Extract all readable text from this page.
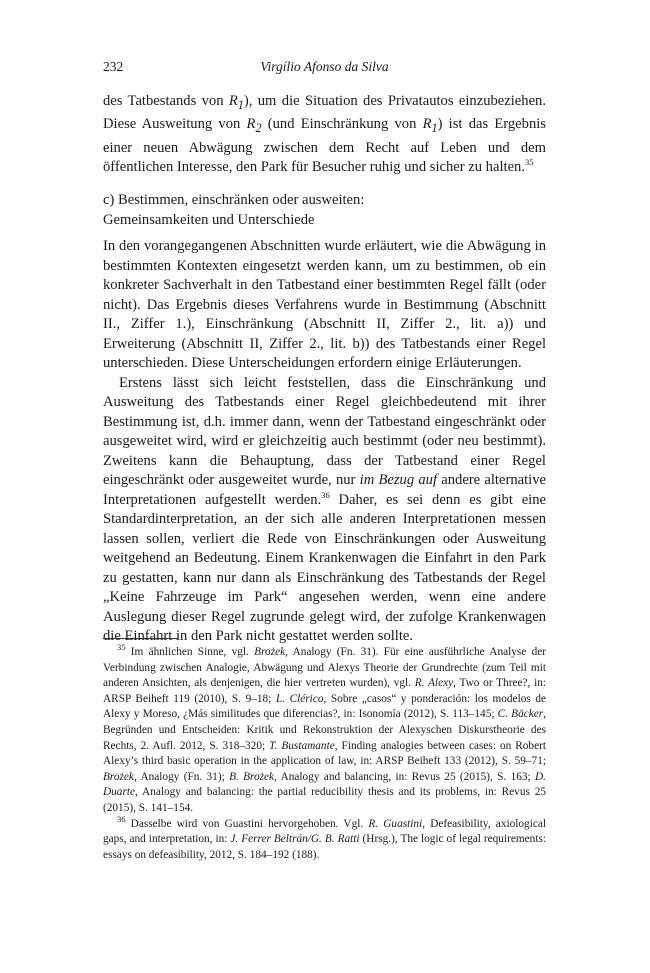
232	Virgílio Afonso da Silva

des Tatbestands von $R_1$), um die Situation des Privatautos einzubeziehen. Diese Ausweitung von $R_2$ (und Einschränkung von $R_1$) ist das Ergebnis einer neuen Abwägung zwischen dem Recht auf Leben und dem öffentlichen Interesse, den Park für Besucher ruhig und sicher zu halten.$^{35}$

c) Bestimmen, einschränken oder ausweiten:
Gemeinsamkeiten und Unterschiede

In den vorangegangenen Abschnitten wurde erläutert, wie die Abwägung in bestimmten Kontexten eingesetzt werden kann, um zu bestimmen, ob ein konkreter Sachverhalt in den Tatbestand einer bestimmten Regel fällt (oder nicht). Das Ergebnis dieses Verfahrens wurde in Bestimmung (Abschnitt II., Ziffer 1.), Einschränkung (Abschnitt II, Ziffer 2., lit. a)) und Erweiterung (Abschnitt II, Ziffer 2., lit. b)) des Tatbestands einer Regel unterschieden. Diese Unterscheidungen erfordern einige Erläuterungen.

Erstens lässt sich leicht feststellen, dass die Einschränkung und Ausweitung des Tatbestands einer Regel gleichbedeutend mit ihrer Bestimmung ist, d.h. immer dann, wenn der Tatbestand eingeschränkt oder ausgeweitet wird, wird er gleichzeitig auch bestimmt (oder neu bestimmt). Zweitens kann die Behauptung, dass der Tatbestand einer Regel eingeschränkt oder ausgeweitet wurde, nur im Bezug auf andere alternative Interpretationen aufgestellt werden.$^{36}$ Daher, es sei denn es gibt eine Standardinterpretation, an der sich alle anderen Interpretationen messen lassen sollen, verliert die Rede von Einschränkungen oder Ausweitung weitgehend an Bedeutung. Einem Krankenwagen die Einfahrt in den Park zu gestatten, kann nur dann als Einschränkung des Tatbestands der Regel „Keine Fahrzeuge im Park“ angesehen werden, wenn eine andere Auslegung dieser Regel zugrunde gelegt wird, der zufolge Krankenwagen die Einfahrt in den Park nicht gestattet werden sollte.

$^{35}$ Im ähnlichen Sinne, vgl. Brożek, Analogy (Fn. 31). Für eine ausführliche Analyse der Verbindung zwischen Analogie, Abwägung und Alexys Theorie der Grundrechte (zum Teil mit anderen Ansichten, als denjenigen, die hier vertreten wurden), vgl. R. Alexy, Two or Three?, in: ARSP Beiheft 119 (2010), S. 9–18; L. Clérico, Sobre „casos“ y ponderación: los modelos de Alexy y Moreso, ¿Más similitudes que diferencias?, in: Isonomía (2012), S. 113–145; C. Bäcker, Begründen und Entscheiden: Kritik und Rekonstruktion der Alexyschen Diskurstheorie des Rechts, 2. Aufl. 2012, S. 318–320; T. Bustamante, Finding analogies between cases: on Robert Alexy’s third basic operation in the application of law, in: ARSP Beiheft 133 (2012), S. 59–71; Brożek, Analogy (Fn. 31); B. Brożek, Analogy and balancing, in: Revus 25 (2015), S. 163; D. Duarte, Analogy and balancing: the partial reducibility thesis and its problems, in: Revus 25 (2015), S. 141–154.

$^{36}$ Dasselbe wird von Guastini hervorgehoben. Vgl. R. Guastini, Defeasibility, axiological gaps, and interpretation, in: J. Ferrer Beltrán/G. B. Ratti (Hrsg.), The logic of legal requirements: essays on defeasibility, 2012, S. 184–192 (188).
